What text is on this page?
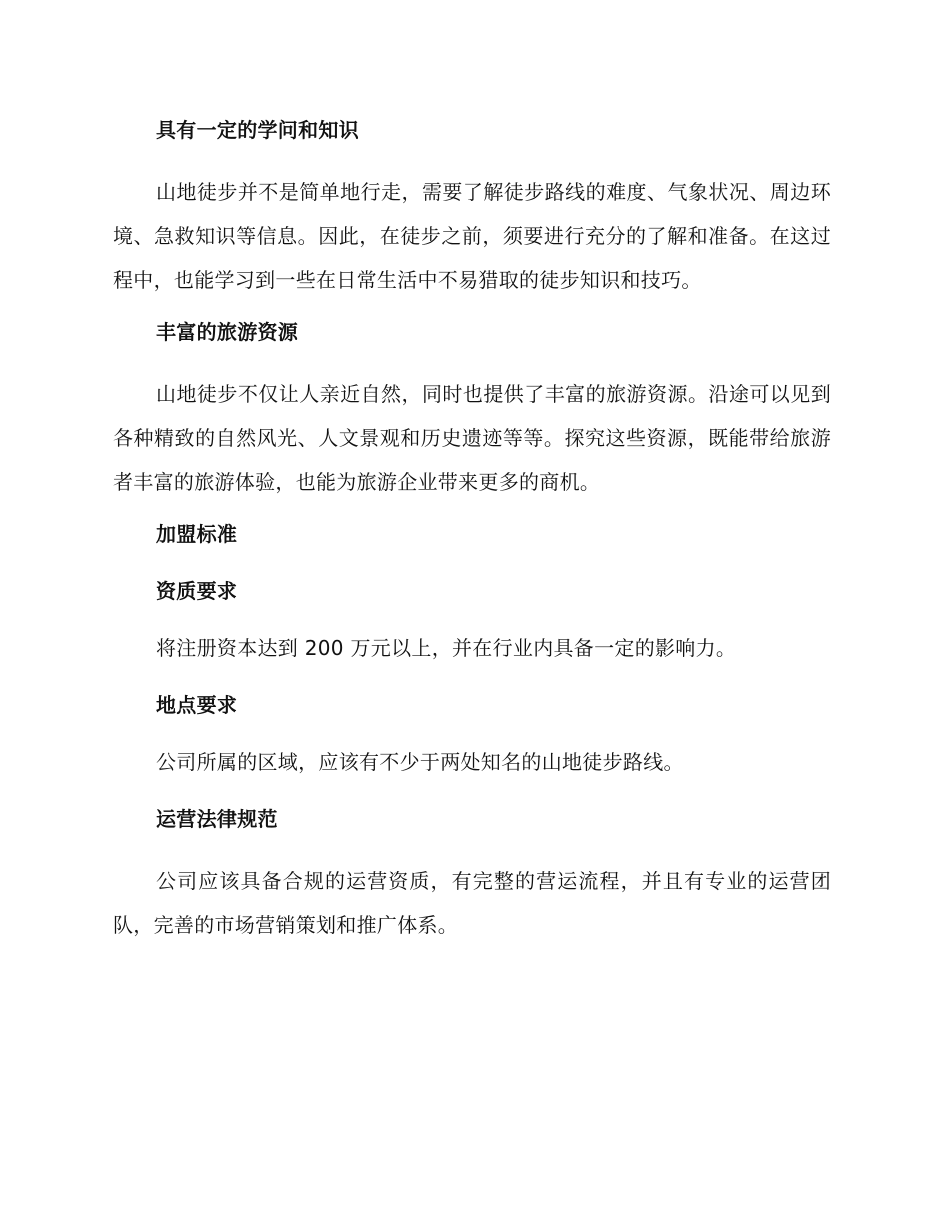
具有一定的学问和知识
山地徒步并不是简单地行走，需要了解徒步路线的难度、气象状况、周边环境、急救知识等信息。因此，在徒步之前，须要进行充分的了解和准备。在这过程中，也能学习到一些在日常生活中不易猎取的徒步知识和技巧。
丰富的旅游资源
山地徒步不仅让人亲近自然，同时也提供了丰富的旅游资源。沿途可以见到各种精致的自然风光、人文景观和历史遗迹等等。探究这些资源，既能带给旅游者丰富的旅游体验，也能为旅游企业带来更多的商机。
加盟标准
资质要求
将注册资本达到 200 万元以上，并在行业内具备一定的影响力。
地点要求
公司所属的区域，应该有不少于两处知名的山地徒步路线。
运营法律规范
公司应该具备合规的运营资质，有完整的营运流程，并且有专业的运营团队，完善的市场营销策划和推广体系。
